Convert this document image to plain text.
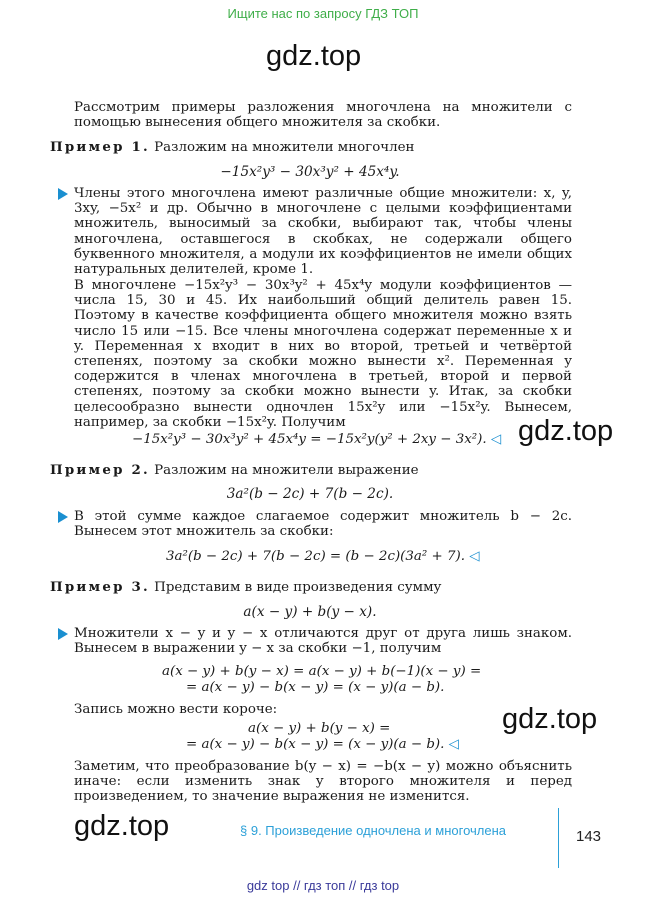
Ищите нас по запросу ГДЗ ТОП
gdz.top
Рассмотрим примеры разложения многочлена на множители с помощью вынесения общего множителя за скобки.
Пример 1. Разложим на множители многочлен
−15x²y³ − 30x³y² + 45x⁴y.
Члены этого многочлена имеют различные общие множители: x, y, 3xy, −5x² и др. Обычно в многочлене с целыми коэффициентами множитель, выносимый за скобки, выбирают так, чтобы члены многочлена, оставшегося в скобках, не содержали общего буквенного множителя, а модули их коэффициентов не имели общих натуральных делителей, кроме 1.
В многочлене −15x²y³ − 30x³y² + 45x⁴y модули коэффициентов — числа 15, 30 и 45. Их наибольший общий делитель равен 15. Поэтому в качестве коэффициента общего множителя можно взять число 15 или −15. Все члены многочлена содержат переменные x и y. Переменная x входит в них во второй, третьей и четвёртой степенях, поэтому за скобки можно вынести x². Переменная y содержится в членах многочлена в третьей, второй и первой степенях, поэтому за скобки можно вынести y. Итак, за скобки целесообразно вынести одночлен 15x²y или −15x²y. Вынесем, например, за скобки −15x²y. Получим
−15x²y³ − 30x³y² + 45x⁴y = −15x²y(y² + 2xy − 3x²). ◁ gdz.top
Пример 2. Разложим на множители выражение
3a²(b − 2c) + 7(b − 2c).
В этой сумме каждое слагаемое содержит множитель b − 2c. Вынесем этот множитель за скобки:
3a²(b − 2c) + 7(b − 2c) = (b − 2c)(3a² + 7). ◁
Пример 3. Представим в виде произведения сумму
a(x − y) + b(y − x).
Множители x − y и y − x отличаются друг от друга лишь знаком. Вынесем в выражении y − x за скобки −1, получим
a(x − y) + b(y − x) = a(x − y) + b(−1)(x − y) =
= a(x − y) − b(x − y) = (x − y)(a − b).
Запись можно вести короче:
a(x − y) + b(y − x) =
= a(x − y) − b(x − y) = (x − y)(a − b). ◁
gdz.top
Заметим, что преобразование b(y − x) = −b(x − y) можно объяснить иначе: если изменить знак у второго множителя и перед произведением, то значение выражения не изменится.
gdz.top	§ 9. Произведение одночлена и многочлена	143
gdz top // гдз топ // гдз top
